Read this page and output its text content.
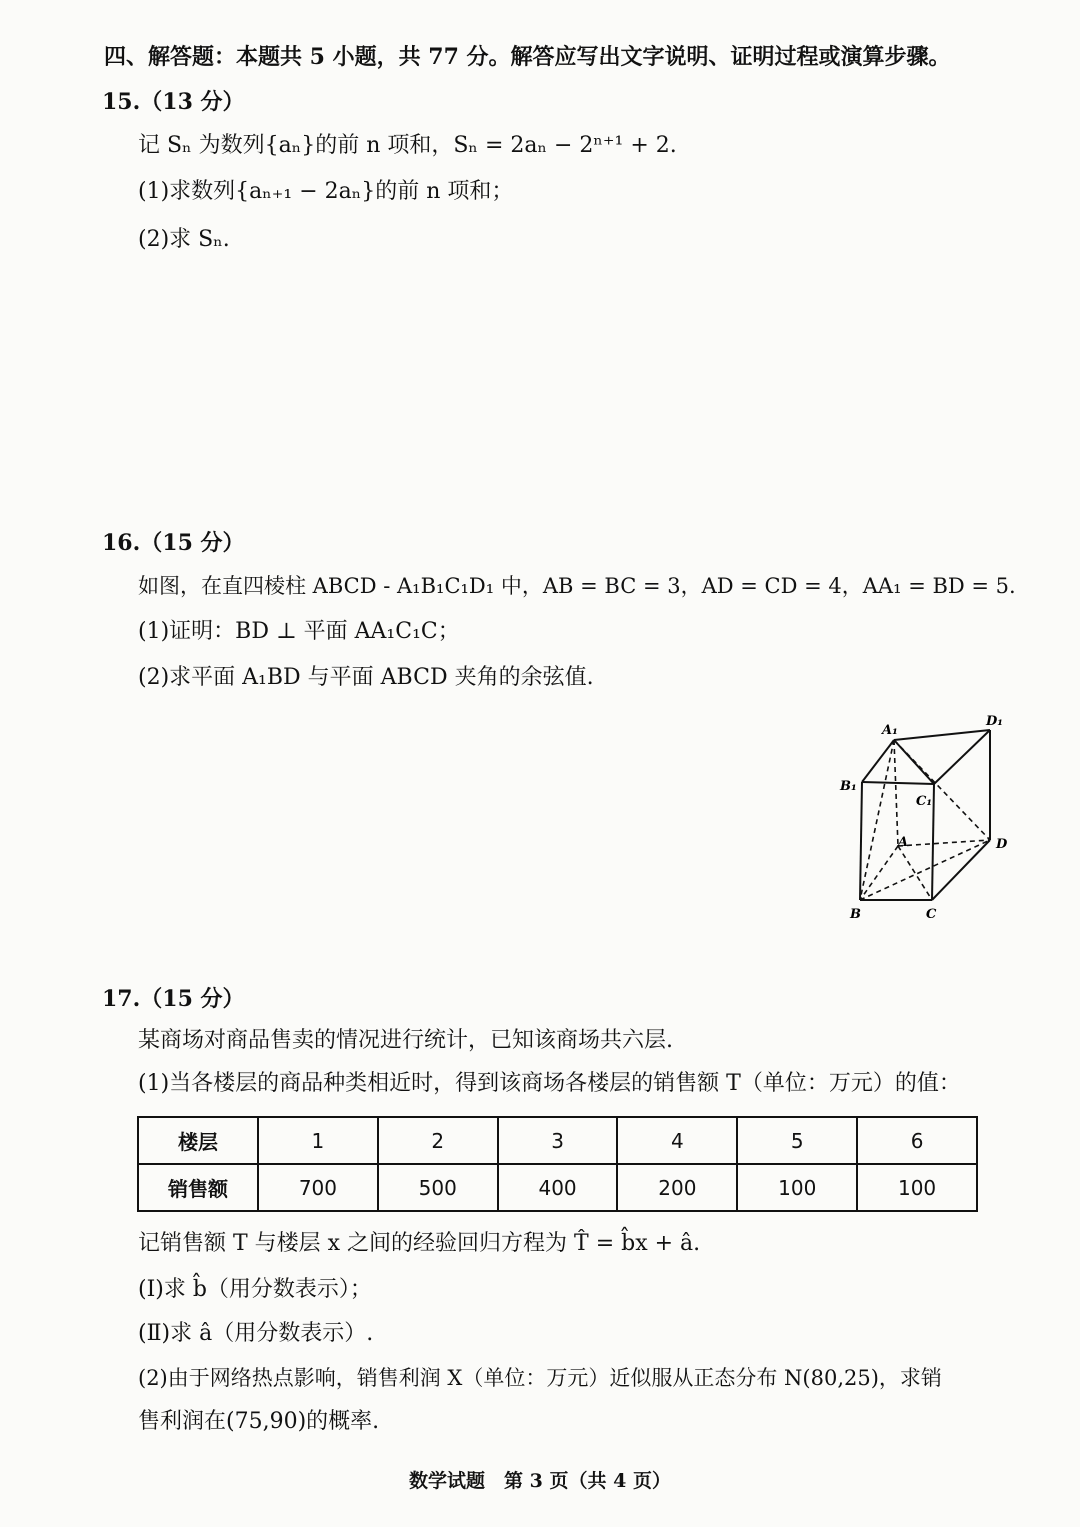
四、解答题：本题共 5 小题，共 77 分。解答应写出文字说明、证明过程或演算步骤。
15.（13 分）
记 Sₙ 为数列{aₙ}的前 n 项和，Sₙ = 2aₙ − 2ⁿ⁺¹ + 2.
(1)求数列{aₙ₊₁ − 2aₙ}的前 n 项和；
(2)求 Sₙ.
16.（15 分）
如图，在直四棱柱 ABCD - A₁B₁C₁D₁ 中，AB = BC = 3，AD = CD = 4，AA₁ = BD = 5.
(1)证明：BD ⊥ 平面 AA₁C₁C；
(2)求平面 A₁BD 与平面 ABCD 夹角的余弦值.
A₁
D₁
B₁
C₁
A	D
B	C
17.（15 分）
某商场对商品售卖的情况进行统计，已知该商场共六层.
(1)当各楼层的商品种类相近时，得到该商场各楼层的销售额 T（单位：万元）的值：
楼层	1	2	3	4	5	6
销售额	700	500	400	200	100	100
记销售额 T 与楼层 x 之间的经验回归方程为 T̂ = b̂x + â.
(Ⅰ)求 b̂（用分数表示）；
(Ⅱ)求 â（用分数表示）.
(2)由于网络热点影响，销售利润 X（单位：万元）近似服从正态分布 N(80,25)，求销
售利润在(75,90)的概率.
数学试题　第 3 页（共 4 页）
